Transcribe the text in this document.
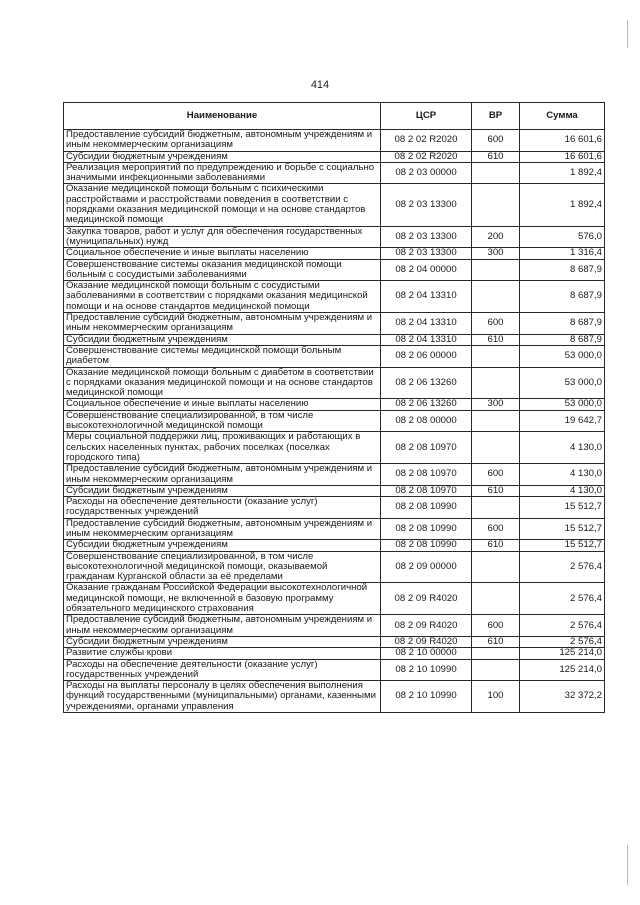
414
Наименование	ЦСР	ВР	Сумма
Предоставление субсидий бюджетным, автономным учреждениям и иным некоммерческим организациям	08 2 02 R2020	600	16 601,6
Субсидии бюджетным учреждениям	08 2 02 R2020	610	16 601,6
Реализация мероприятий по предупреждению и борьбе с социально значимыми инфекционными заболеваниями	08 2 03 00000		1 892,4
Оказание медицинской помощи больным с психическими расстройствами и расстройствами поведения в соответствии с порядками оказания медицинской помощи и на основе стандартов медицинской помощи	08 2 03 13300		1 892,4
Закупка товаров, работ и услуг для обеспечения государственных (муниципальных) нужд	08 2 03 13300	200	576,0
Социальное обеспечение и иные выплаты населению	08 2 03 13300	300	1 316,4
Совершенствование системы оказания медицинской помощи больным с сосудистыми заболеваниями	08 2 04 00000		8 687,9
Оказание медицинской помощи больным с сосудистыми заболеваниями в соответствии с порядками оказания медицинской помощи и на основе стандартов медицинской помощи	08 2 04 13310		8 687,9
Предоставление субсидий бюджетным, автономным учреждениям и иным некоммерческим организациям	08 2 04 13310	600	8 687,9
Субсидии бюджетным учреждениям	08 2 04 13310	610	8 687,9
Совершенствование системы медицинской помощи больным диабетом	08 2 06 00000		53 000,0
Оказание медицинской помощи больным с диабетом в соответствии с порядками оказания медицинской помощи и на основе стандартов медицинской помощи	08 2 06 13260		53 000,0
Социальное обеспечение и иные выплаты населению	08 2 06 13260	300	53 000,0
Совершенствование специализированной, в том числе высокотехнологичной медицинской помощи	08 2 08 00000		19 642,7
Меры социальной поддержки лиц, проживающих и работающих в сельских населенных пунктах, рабочих поселках (поселках городского типа)	08 2 08 10970		4 130,0
Предоставление субсидий бюджетным, автономным учреждениям и иным некоммерческим организациям	08 2 08 10970	600	4 130,0
Субсидии бюджетным учреждениям	08 2 08 10970	610	4 130,0
Расходы на обеспечение деятельности (оказание услуг) государственных учреждений	08 2 08 10990		15 512,7
Предоставление субсидий бюджетным, автономным учреждениям и иным некоммерческим организациям	08 2 08 10990	600	15 512,7
Субсидии бюджетным учреждениям	08 2 08 10990	610	15 512,7
Совершенствование специализированной, в том числе высокотехнологичной медицинской помощи, оказываемой гражданам Курганской области за её пределами	08 2 09 00000		2 576,4
Оказание гражданам Российской Федерации высокотехнологичной медицинской помощи, не включенной в базовую программу обязательного медицинского страхования	08 2 09 R4020		2 576,4
Предоставление субсидий бюджетным, автономным учреждениям и иным некоммерческим организациям	08 2 09 R4020	600	2 576,4
Субсидии бюджетным учреждениям	08 2 09 R4020	610	2 576,4
Развитие службы крови	08 2 10 00000		125 214,0
Расходы на обеспечение деятельности (оказание услуг) государственных учреждений	08 2 10 10990		125 214,0
Расходы на выплаты персоналу в целях обеспечения выполнения функций государственными (муниципальными) органами, казенными учреждениями, органами управления	08 2 10 10990	100	32 372,2
